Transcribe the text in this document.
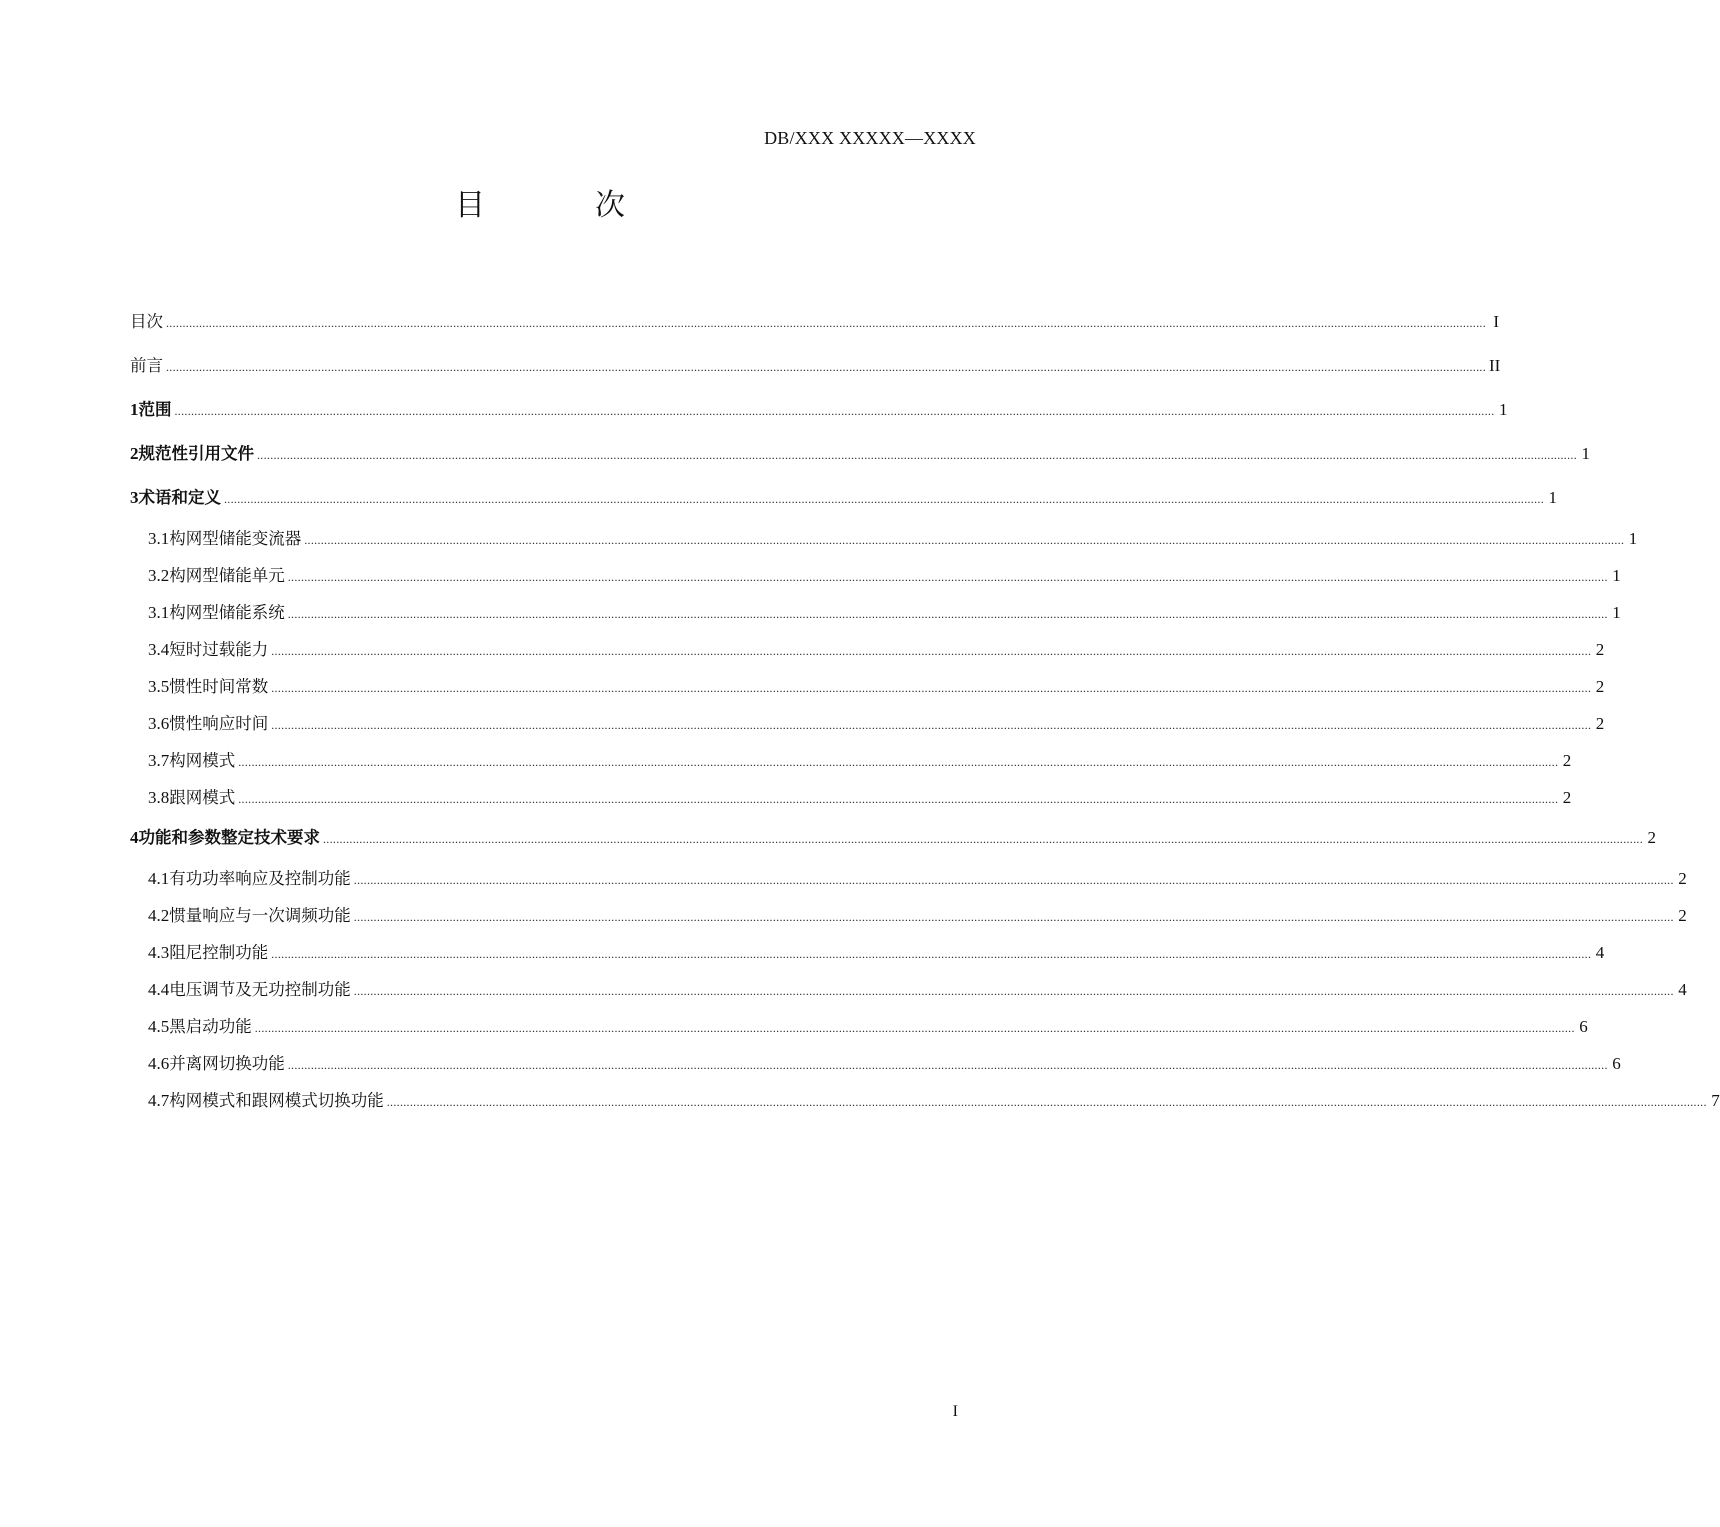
DB/XXX XXXXX—XXXX
目	次
目次 ................................................................................................................................................................................................................................................................................................................................................................................................................ I
前言 ................................................................................................................................................................................................................................................................................................................................................................................................................ II
1 范围 ................................................................................................................................................................................................................................................................................................................................................................................................................ 1
2 规范性引用文件 ................................................................................................................................................................................................................................................................................................................................................................................................................ 1
3 术语和定义 ................................................................................................................................................................................................................................................................................................................................................................................................................ 1
3.1 构网型储能变流器 ................................................................................................................................................................................................................................................................................................................................................................................................................ 1
3.2 构网型储能单元 ................................................................................................................................................................................................................................................................................................................................................................................................................ 1
3.1 构网型储能系统 ................................................................................................................................................................................................................................................................................................................................................................................................................ 1
3.4 短时过载能力 ................................................................................................................................................................................................................................................................................................................................................................................................................ 2
3.5 惯性时间常数 ................................................................................................................................................................................................................................................................................................................................................................................................................ 2
3.6 惯性响应时间 ................................................................................................................................................................................................................................................................................................................................................................................................................ 2
3.7 构网模式 ................................................................................................................................................................................................................................................................................................................................................................................................................ 2
3.8 跟网模式 ................................................................................................................................................................................................................................................................................................................................................................................................................ 2
4 功能和参数整定技术要求 ................................................................................................................................................................................................................................................................................................................................................................................................................ 2
4.1 有功功率响应及控制功能 ................................................................................................................................................................................................................................................................................................................................................................................................................ 2
4.2 惯量响应与一次调频功能 ................................................................................................................................................................................................................................................................................................................................................................................................................ 2
4.3 阻尼控制功能 ................................................................................................................................................................................................................................................................................................................................................................................................................ 4
4.4 电压调节及无功控制功能 ................................................................................................................................................................................................................................................................................................................................................................................................................ 4
4.5 黑启动功能 ................................................................................................................................................................................................................................................................................................................................................................................................................ 6
4.6 并离网切换功能 ................................................................................................................................................................................................................................................................................................................................................................................................................ 6
4.7 构网模式和跟网模式切换功能 ................................................................................................................................................................................................................................................................................................................................................................................................................ 7
I
